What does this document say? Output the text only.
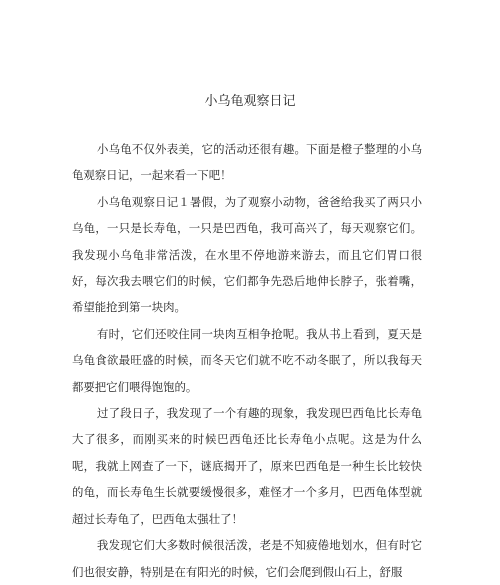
小乌龟观察日记

小乌龟不仅外表美，它的活动还很有趣。下面是橙子整理的小乌龟观察日记，一起来看一下吧！

小乌龟观察日记１暑假，为了观察小动物，爸爸给我买了两只小乌龟，一只是长寿龟，一只是巴西龟，我可高兴了，每天观察它们。我发现小乌龟非常活泼，在水里不停地游来游去，而且它们胃口很好，每次我去喂它们的时候，它们都争先恐后地伸长脖子，张着嘴，希望能抢到第一块肉。

有时，它们还咬住同一块肉互相争抢呢。我从书上看到，夏天是乌龟食欲最旺盛的时候，而冬天它们就不吃不动冬眠了，所以我每天都要把它们喂得饱饱的。

过了段日子，我发现了一个有趣的现象，我发现巴西龟比长寿龟大了很多，而刚买来的时候巴西龟还比长寿龟小点呢。这是为什么呢，我就上网查了一下，谜底揭开了，原来巴西龟是一种生长比较快的龟，而长寿龟生长就要缓慢很多，难怪才一个多月，巴西龟体型就超过长寿龟了，巴西龟太强壮了！

我发现它们大多数时候很活泼，老是不知疲倦地划水，但有时它们也很安静，特别是在有阳光的时候，它们会爬到假山石上，舒服
